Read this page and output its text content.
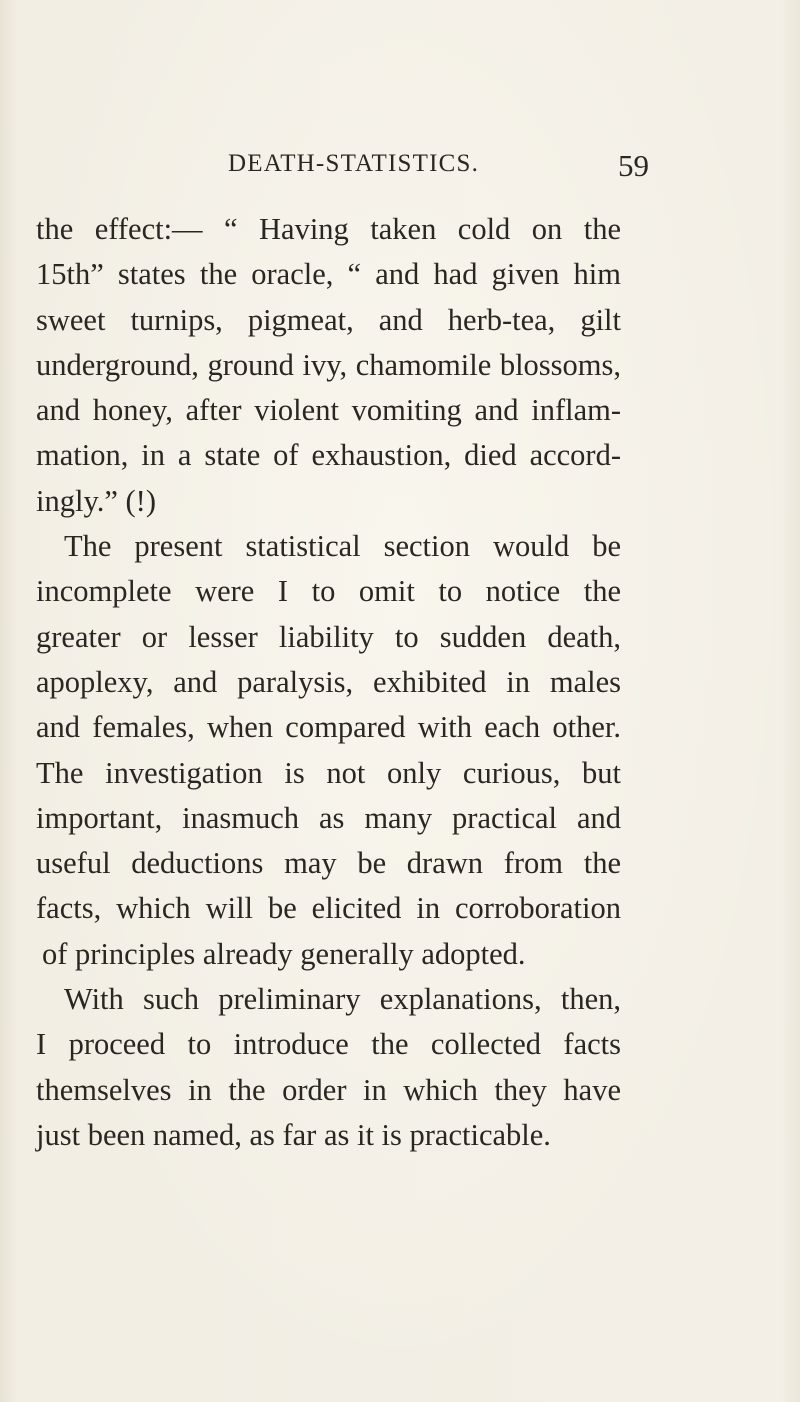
DEATH-STATISTICS.	59
the effect:— “ Having taken cold on the
15th” states the oracle, “ and had given him
sweet turnips, pigmeat, and herb-tea, gilt
underground, ground ivy, chamomile blossoms,
and honey, after violent vomiting and inflam-
mation, in a state of exhaustion, died accord-
ingly.” (!)
The present statistical section would be
incomplete were I to omit to notice the
greater or lesser liability to sudden death,
apoplexy, and paralysis, exhibited in males
and females, when compared with each other.
The investigation is not only curious, but
important, inasmuch as many practical and
useful deductions may be drawn from the
facts, which will be elicited in corroboration
of principles already generally adopted.
With such preliminary explanations, then,
I proceed to introduce the collected facts
themselves in the order in which they have
just been named, as far as it is practicable.
